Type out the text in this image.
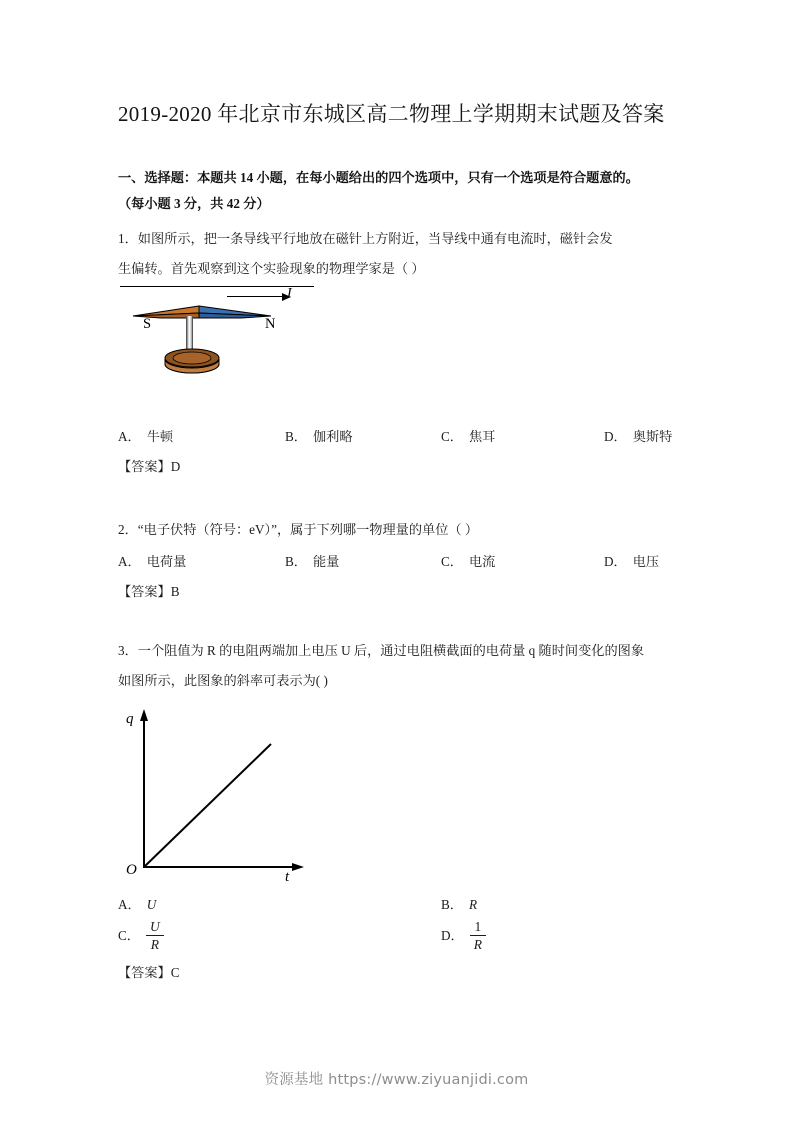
2019-2020 年北京市东城区高二物理上学期期末试题及答案
一、选择题：本题共 14 小题，在每小题给出的四个选项中，只有一个选项是符合题意的。
（每小题 3 分，共 42 分）
1．如图所示，把一条导线平行地放在磁针上方附近，当导线中通有电流时，磁针会发
生偏转。首先观察到这个实验现象的物理学家是（ ）
I
S	N
A． 牛顿	B． 伽利略	C． 焦耳	D． 奥斯特
【答案】D
2．“电子伏特（符号：eV）”，属于下列哪一物理量的单位（ ）
A． 电荷量	B． 能量	C． 电流	D． 电压
【答案】B
3．一个阻值为 R 的电阻两端加上电压 U 后，通过电阻横截面的电荷量 q 随时间变化的图象
如图所示，此图象的斜率可表示为( )
q
t
O
A． U	B． R
C． $\frac{U}{R}$	D． $\frac{1}{R}$
【答案】C
资源基地 https://www.ziyuanjidi.com
